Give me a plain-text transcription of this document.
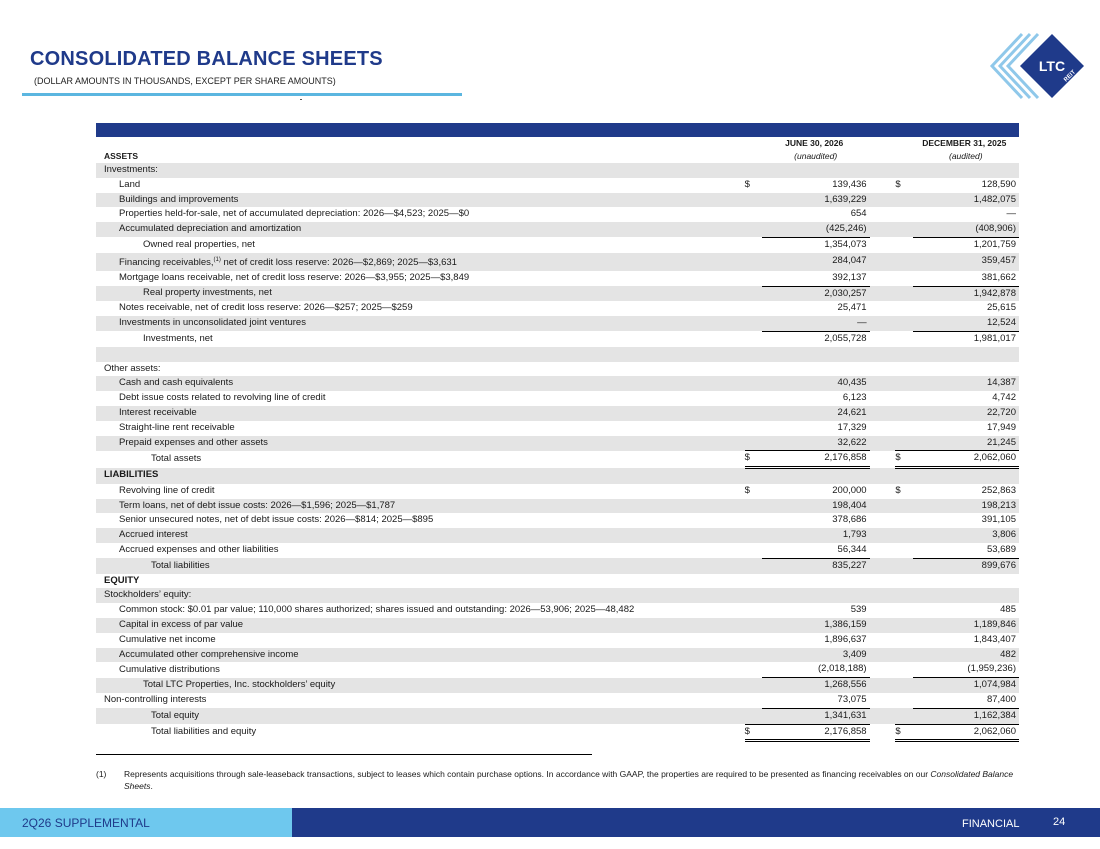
CONSOLIDATED BALANCE SHEETS
(DOLLAR AMOUNTS IN THOUSANDS, EXCEPT PER SHARE AMOUNTS)
LTC
REIT

		JUNE 30, 2026			DECEMBER 31, 2025
ASSETS		(unaudited)			(audited)
Investments:					
Land	$	139,436		$	128,590
Buildings and improvements		1,639,229			1,482,075
Properties held-for-sale, net of accumulated depreciation: 2026—$4,523; 2025—$0		654			—
Accumulated depreciation and amortization		(425,246)			(408,906)
Owned real properties, net		1,354,073			1,201,759
Financing receivables,$^{(1)}$ net of credit loss reserve: 2026—$2,869; 2025—$3,631		284,047			359,457
Mortgage loans receivable, net of credit loss reserve: 2026—$3,955; 2025—$3,849		392,137			381,662
Real property investments, net		2,030,257			1,942,878
Notes receivable, net of credit loss reserve: 2026—$257; 2025—$259		25,471			25,615
Investments in unconsolidated joint ventures		—			12,524
Investments, net		2,055,728			1,981,017

Other assets:					
Cash and cash equivalents		40,435			14,387
Debt issue costs related to revolving line of credit		6,123			4,742
Interest receivable		24,621			22,720
Straight-line rent receivable		17,329			17,949
Prepaid expenses and other assets		32,622			21,245
Total assets	$	2,176,858		$	2,062,060
LIABILITIES					
Revolving line of credit	$	200,000		$	252,863
Term loans, net of debt issue costs: 2026—$1,596; 2025—$1,787		198,404			198,213
Senior unsecured notes, net of debt issue costs: 2026—$814; 2025—$895		378,686			391,105
Accrued interest		1,793			3,806
Accrued expenses and other liabilities		56,344			53,689
Total liabilities		835,227			899,676
EQUITY					
Stockholders’ equity:					
Common stock: $0.01 par value; 110,000 shares authorized; shares issued and outstanding: 2026—53,906; 2025—48,482		539			485
Capital in excess of par value		1,386,159			1,189,846
Cumulative net income		1,896,637			1,843,407
Accumulated other comprehensive income		3,409			482
Cumulative distributions		(2,018,188)			(1,959,236)
Total LTC Properties, Inc. stockholders’ equity		1,268,556			1,074,984
Non-controlling interests		73,075			87,400
Total equity		1,341,631			1,162,384
Total liabilities and equity	$	2,176,858		$	2,062,060
(1) Represents acquisitions through sale-leaseback transactions, subject to leases which contain purchase options. In accordance with GAAP, the properties are required to be presented as financing receivables on our Consolidated Balance Sheets.
2Q26 SUPPLEMENTAL	FINANCIAL	24
